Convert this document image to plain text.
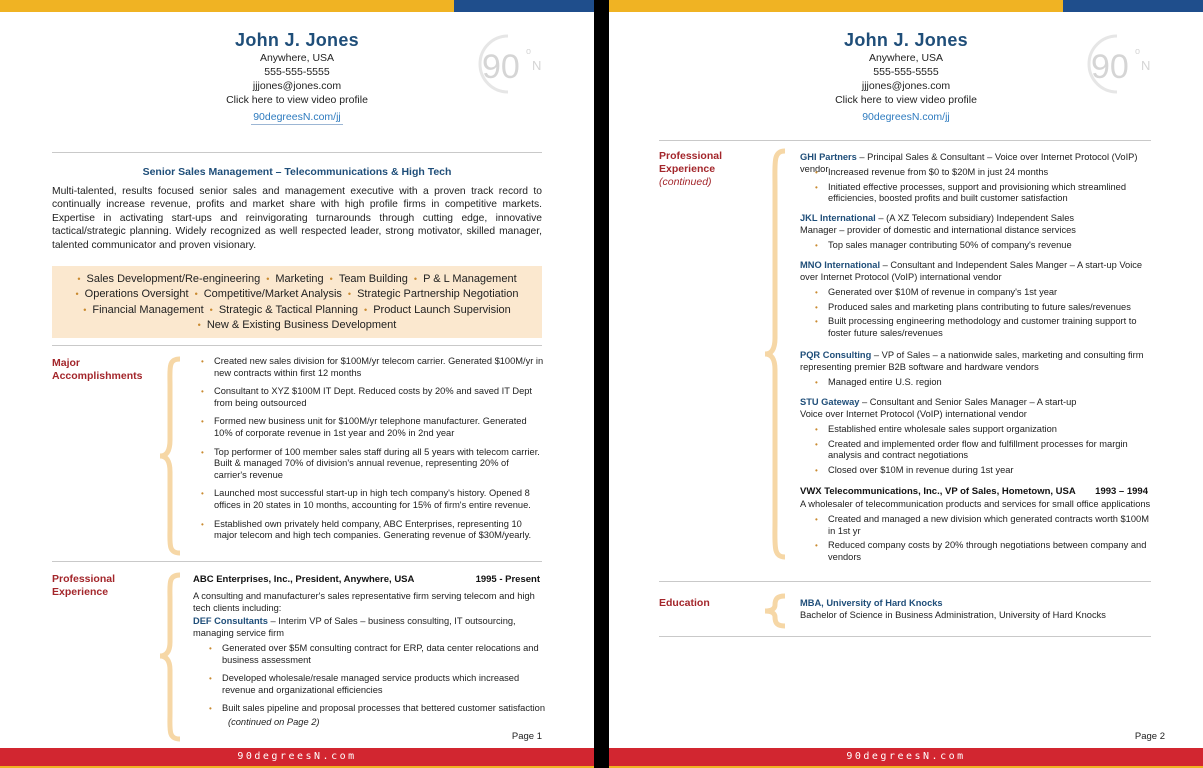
John J. Jones
Anywhere, USA
555-555-5555
jjjones@jones.com
Click here to view video profile
90degreesN.com/jj
90 o
N
Senior Sales Management – Telecommunications & High Tech
Multi-talented, results focused senior sales and management executive with a proven track record to continually increase revenue, profits and market share with high profile firms in competitive markets. Expertise in activating start-ups and reinvigorating turnarounds through cutting edge, innovative tactical/strategic planning. Widely recognized as well respected leader, strong motivator, skilled manager, talented communicator and proven visionary.
• Sales Development/Re-engineering • Marketing • Team Building • P & L Management
• Operations Oversight • Competitive/Market Analysis • Strategic Partnership Negotiation
• Financial Management • Strategic & Tactical Planning • Product Launch Supervision
• New & Existing Business Development
Major
Accomplishments
• Created new sales division for $100M/yr telecom carrier. Generated $100M/yr in new contracts within first 12 months
• Consultant to XYZ $100M IT Dept. Reduced costs by 20% and saved IT Dept from being outsourced
• Formed new business unit for $100M/yr telephone manufacturer. Generated 10% of corporate revenue in 1st year and 20% in 2nd year
• Top performer of 100 member sales staff during all 5 years with telecom carrier. Built & managed 70% of division's annual revenue, representing 20% of carrier's revenue
• Launched most successful start-up in high tech company's history. Opened 8 offices in 20 states in 10 months, accounting for 15% of firm's entire revenue.
• Established own privately held company, ABC Enterprises, representing 10 major telecom and high tech companies. Generating revenue of $30M/yearly.
Professional
Experience
ABC Enterprises, Inc., President, Anywhere, USA	1995 - Present
A consulting and manufacturer's sales representative firm serving telecom and high tech clients including:
DEF Consultants – Interim VP of Sales – business consulting, IT outsourcing, managing service firm
• Generated over $5M consulting contract for ERP, data center relocations and business assessment
• Developed wholesale/resale managed service products which increased revenue and organizational efficiencies
• Built sales pipeline and proposal processes that bettered customer satisfaction
(continued on Page 2)
Page 1
90degreesN.com
John J. Jones
Anywhere, USA
555-555-5555
jjjones@jones.com
Click here to view video profile
90degreesN.com/jj
90 o
N
Professional
Experience
(continued)
GHI Partners – Principal Sales & Consultant – Voice over Internet Protocol (VoIP) vendor
• Increased revenue from $0 to $20M in just 24 months
• Initiated effective processes, support and provisioning which streamlined efficiencies, boosted profits and built customer satisfaction
JKL International – (A XZ Telecom subsidiary) Independent Sales Manager – provider of domestic and international distance services
• Top sales manager contributing 50% of company's revenue
MNO International – Consultant and Independent Sales Manger – A start-up Voice over Internet Protocol (VoIP) international vendor
• Generated over $10M of revenue in company's 1st year
• Produced sales and marketing plans contributing to future sales/revenues
• Built processing engineering methodology and customer training support to foster future sales/revenues
PQR Consulting – VP of Sales – a nationwide sales, marketing and consulting firm representing premier B2B software and hardware vendors
• Managed entire U.S. region
STU Gateway – Consultant and Senior Sales Manager – A start-up Voice over Internet Protocol (VoIP) international vendor
• Established entire wholesale sales support organization
• Created and implemented order flow and fulfillment processes for margin analysis and contract negotiations
• Closed over $10M in revenue during 1st year
VWX Telecommunications, Inc., VP of Sales, Hometown, USA 1993 – 1994
A wholesaler of telecommunication products and services for small office applications
• Created and managed a new division which generated contracts worth $100M in 1st yr
• Reduced company costs by 20% through negotiations between company and vendors
Education	MBA, University of Hard Knocks
Bachelor of Science in Business Administration, University of Hard Knocks
Page 2
90degreesN.com
